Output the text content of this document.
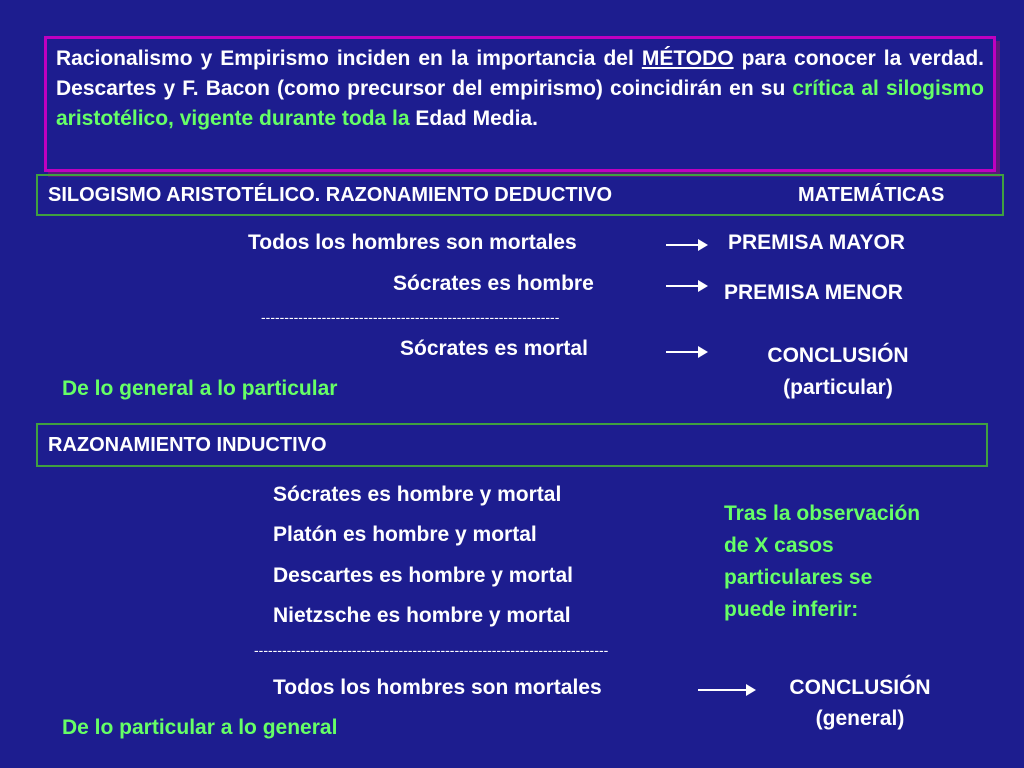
Racionalismo y Empirismo inciden en la importancia del MÉTODO para conocer la verdad. Descartes y F. Bacon (como precursor del empirismo) coincidirán en su crítica al silogismo aristotélico, vigente durante toda la Edad Media.
SILOGISMO ARISTOTÉLICO. RAZONAMIENTO DEDUCTIVO	MATEMÁTICAS
Todos los hombres son mortales	PREMISA MAYOR
Sócrates es hombre	PREMISA MENOR
----------------------------------------------------------------
Sócrates es mortal	CONCLUSIÓN
(particular)
De lo general a lo particular
RAZONAMIENTO INDUCTIVO
Sócrates es hombre y mortal
Platón es hombre y mortal
Descartes es hombre y mortal
Nietzsche es hombre y mortal
Tras la observación
de X casos
particulares se
puede inferir:
----------------------------------------------------------------------------
Todos los hombres son mortales	CONCLUSIÓN
(general)
De lo particular a lo general
